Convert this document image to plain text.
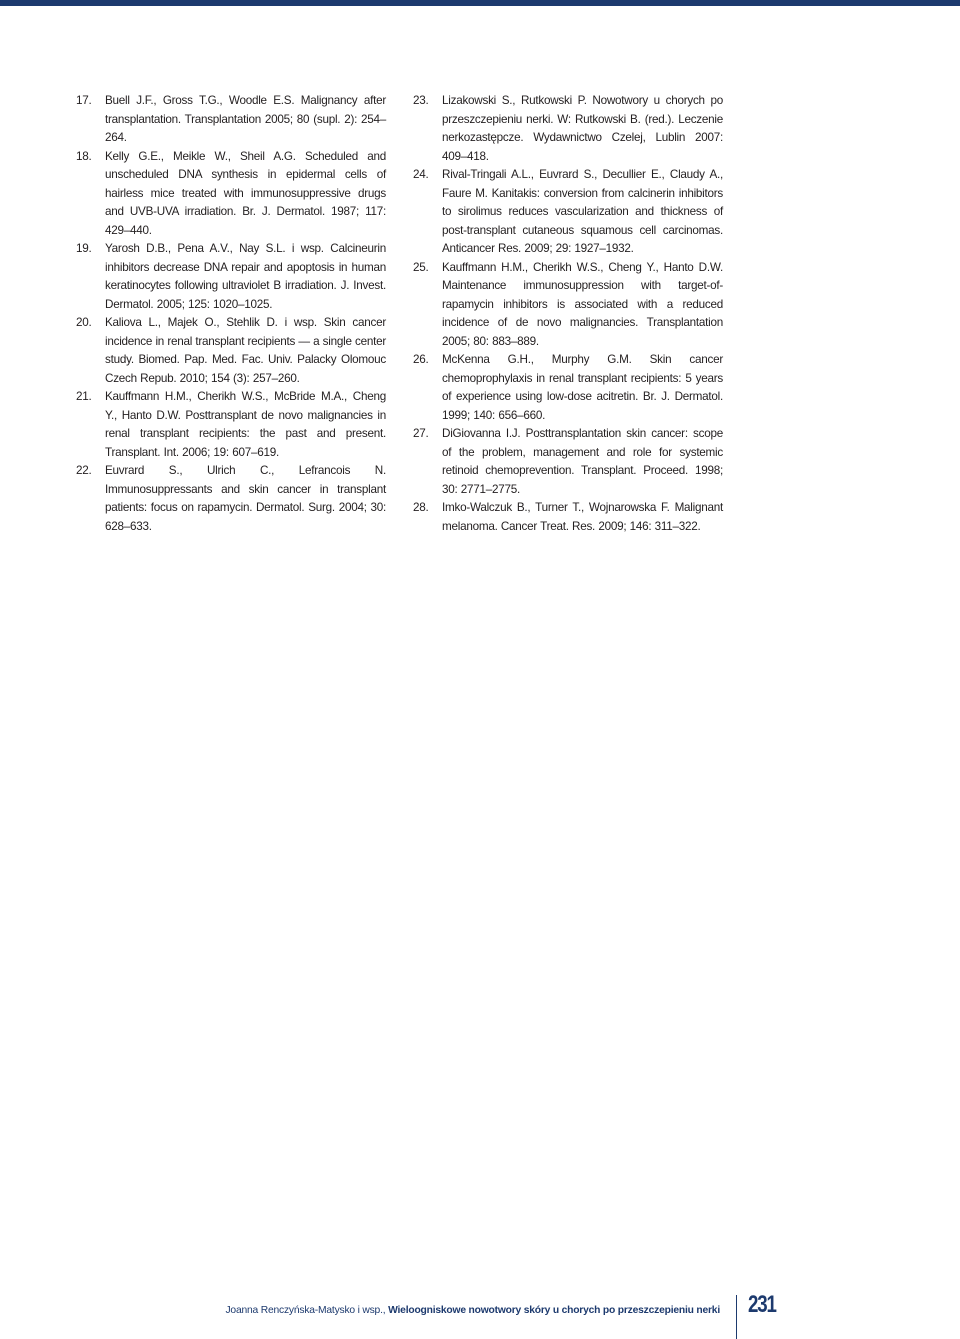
17.	Buell J.F., Gross T.G., Woodle E.S. Malignancy after transplantation. Transplantation 2005; 80 (supl. 2): 254–264.
18.	Kelly G.E., Meikle W., Sheil A.G. Scheduled and unscheduled DNA synthesis in epidermal cells of hairless mice treated with immunosuppressive drugs and UVB-UVA irradiation. Br. J. Dermatol. 1987; 117: 429–440.
19.	Yarosh D.B., Pena A.V., Nay S.L. i wsp. Calcineurin inhibitors decrease DNA repair and apoptosis in human keratinocytes following ultraviolet B irradiation. J. Invest. Dermatol. 2005; 125: 1020–1025.
20.	Kaliova L., Majek O., Stehlik D. i wsp. Skin cancer incidence in renal transplant recipients — a single center study. Biomed. Pap. Med. Fac. Univ. Palacky Olomouc Czech Repub. 2010; 154 (3): 257–260.
21.	Kauffmann H.M., Cherikh W.S., McBride M.A., Cheng Y., Hanto D.W. Posttransplant de novo malignancies in renal transplant recipients: the past and present. Transplant. Int. 2006; 19: 607–619.
22.	Euvrard S., Ulrich C., Lefrancois N. Immunosuppressants and skin cancer in transplant patients: focus on rapamycin. Dermatol. Surg. 2004; 30: 628–633.
23.	Lizakowski S., Rutkowski P. Nowotwory u chorych po przeszczepieniu nerki. W: Rutkowski B. (red.). Leczenie nerkozastępcze. Wydawnictwo Czelej, Lublin 2007: 409–418.
24.	Rival-Tringali A.L., Euvrard S., Decullier E., Claudy A., Faure M. Kanitakis: conversion from calcinerin inhibitors to sirolimus reduces vascularization and thickness of post-transplant cutaneous squamous cell carcinomas. Anticancer Res. 2009; 29: 1927–1932.
25.	Kauffmann H.M., Cherikh W.S., Cheng Y., Hanto D.W. Maintenance immunosuppression with target-of-rapamycin inhibitors is associated with a reduced incidence of de novo malignancies. Transplantation 2005; 80: 883–889.
26.	McKenna G.H., Murphy G.M. Skin cancer chemoprophylaxis in renal transplant recipients: 5 years of experience using low-dose acitretin. Br. J. Dermatol. 1999; 140: 656–660.
27.	DiGiovanna I.J. Posttransplantation skin cancer: scope of the problem, management and role for systemic retinoid chemoprevention. Transplant. Proceed. 1998; 30: 2771–2775.
28.	Imko-Walczuk B., Turner T., Wojnarowska F. Malignant melanoma. Cancer Treat. Res. 2009; 146: 311–322.
Joanna Renczyńska-Matysko i wsp., Wieloogniskowe nowotwory skóry u chorych po przeszczepieniu nerki 231
